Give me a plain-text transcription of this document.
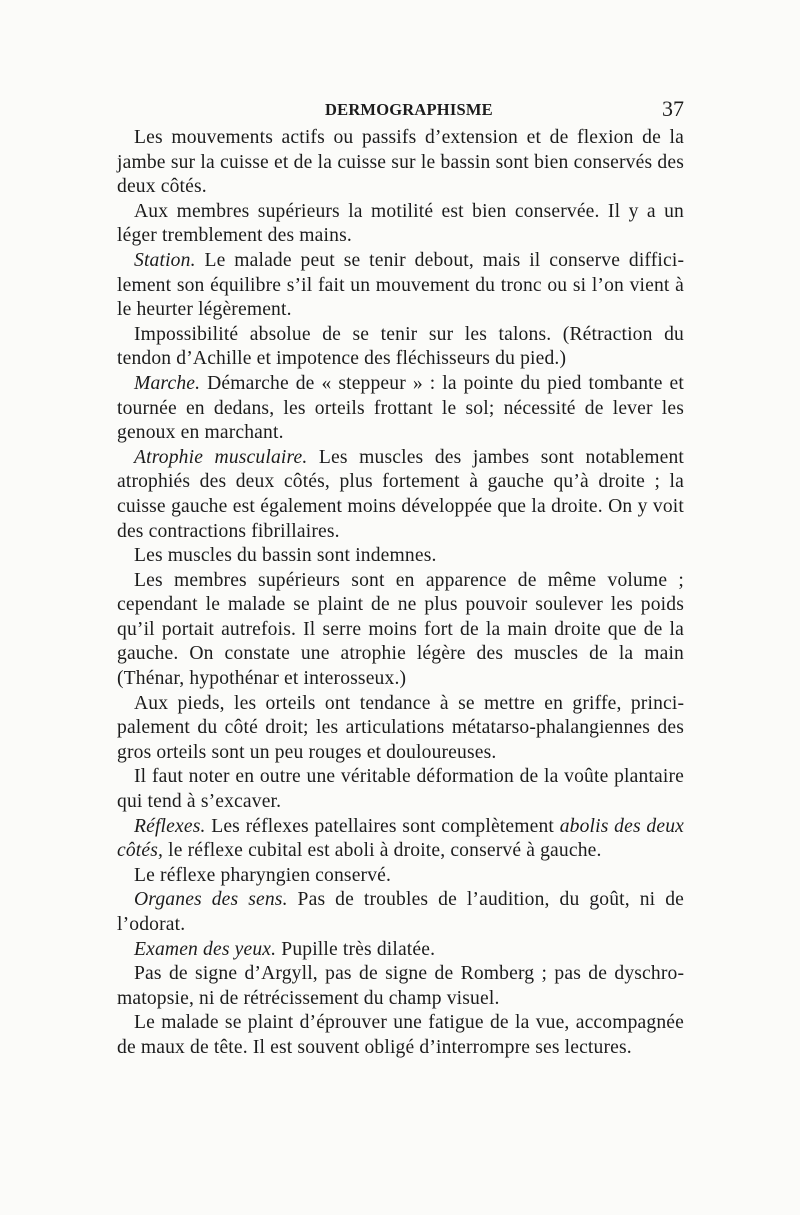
DERMOGRAPHISME	37

Les mouvements actifs ou passifs d’extension et de flexion de la jambe sur la cuisse et de la cuisse sur le bassin sont bien conservés des deux côtés.

Aux membres supérieurs la motilité est bien conservée. Il y a un léger tremblement des mains.

Station. Le malade peut se tenir debout, mais il conserve difficilement son équilibre s’il fait un mouvement du tronc ou si l’on vient à le heurter légèrement.

Impossibilité absolue de se tenir sur les talons. (Rétraction du tendon d’Achille et impotence des fléchisseurs du pied.)

Marche. Démarche de « steppeur » : la pointe du pied tombante et tournée en dedans, les orteils frottant le sol; nécessité de lever les genoux en marchant.

Atrophie musculaire. Les muscles des jambes sont notablement atrophiés des deux côtés, plus fortement à gauche qu’à droite ; la cuisse gauche est également moins développée que la droite. On y voit des contractions fibrillaires.

Les muscles du bassin sont indemnes.

Les membres supérieurs sont en apparence de même volume ; cependant le malade se plaint de ne plus pouvoir soulever les poids qu’il portait autrefois. Il serre moins fort de la main droite que de la gauche. On constate une atrophie légère des muscles de la main (Thénar, hypothénar et interosseux.)

Aux pieds, les orteils ont tendance à se mettre en griffe, principalement du côté droit; les articulations métatarso-phalangiennes des gros orteils sont un peu rouges et douloureuses.

Il faut noter en outre une véritable déformation de la voûte plantaire qui tend à s’excaver.

Réflexes. Les réflexes patellaires sont complètement abolis des deux côtés, le réflexe cubital est aboli à droite, conservé à gauche.

Le réflexe pharyngien conservé.

Organes des sens. Pas de troubles de l’audition, du goût, ni de l’odorat.

Examen des yeux. Pupille très dilatée.

Pas de signe d’Argyll, pas de signe de Romberg ; pas de dyschromatopsie, ni de rétrécissement du champ visuel.

Le malade se plaint d’éprouver une fatigue de la vue, accompagnée de maux de tête. Il est souvent obligé d’interrompre ses lectures.
